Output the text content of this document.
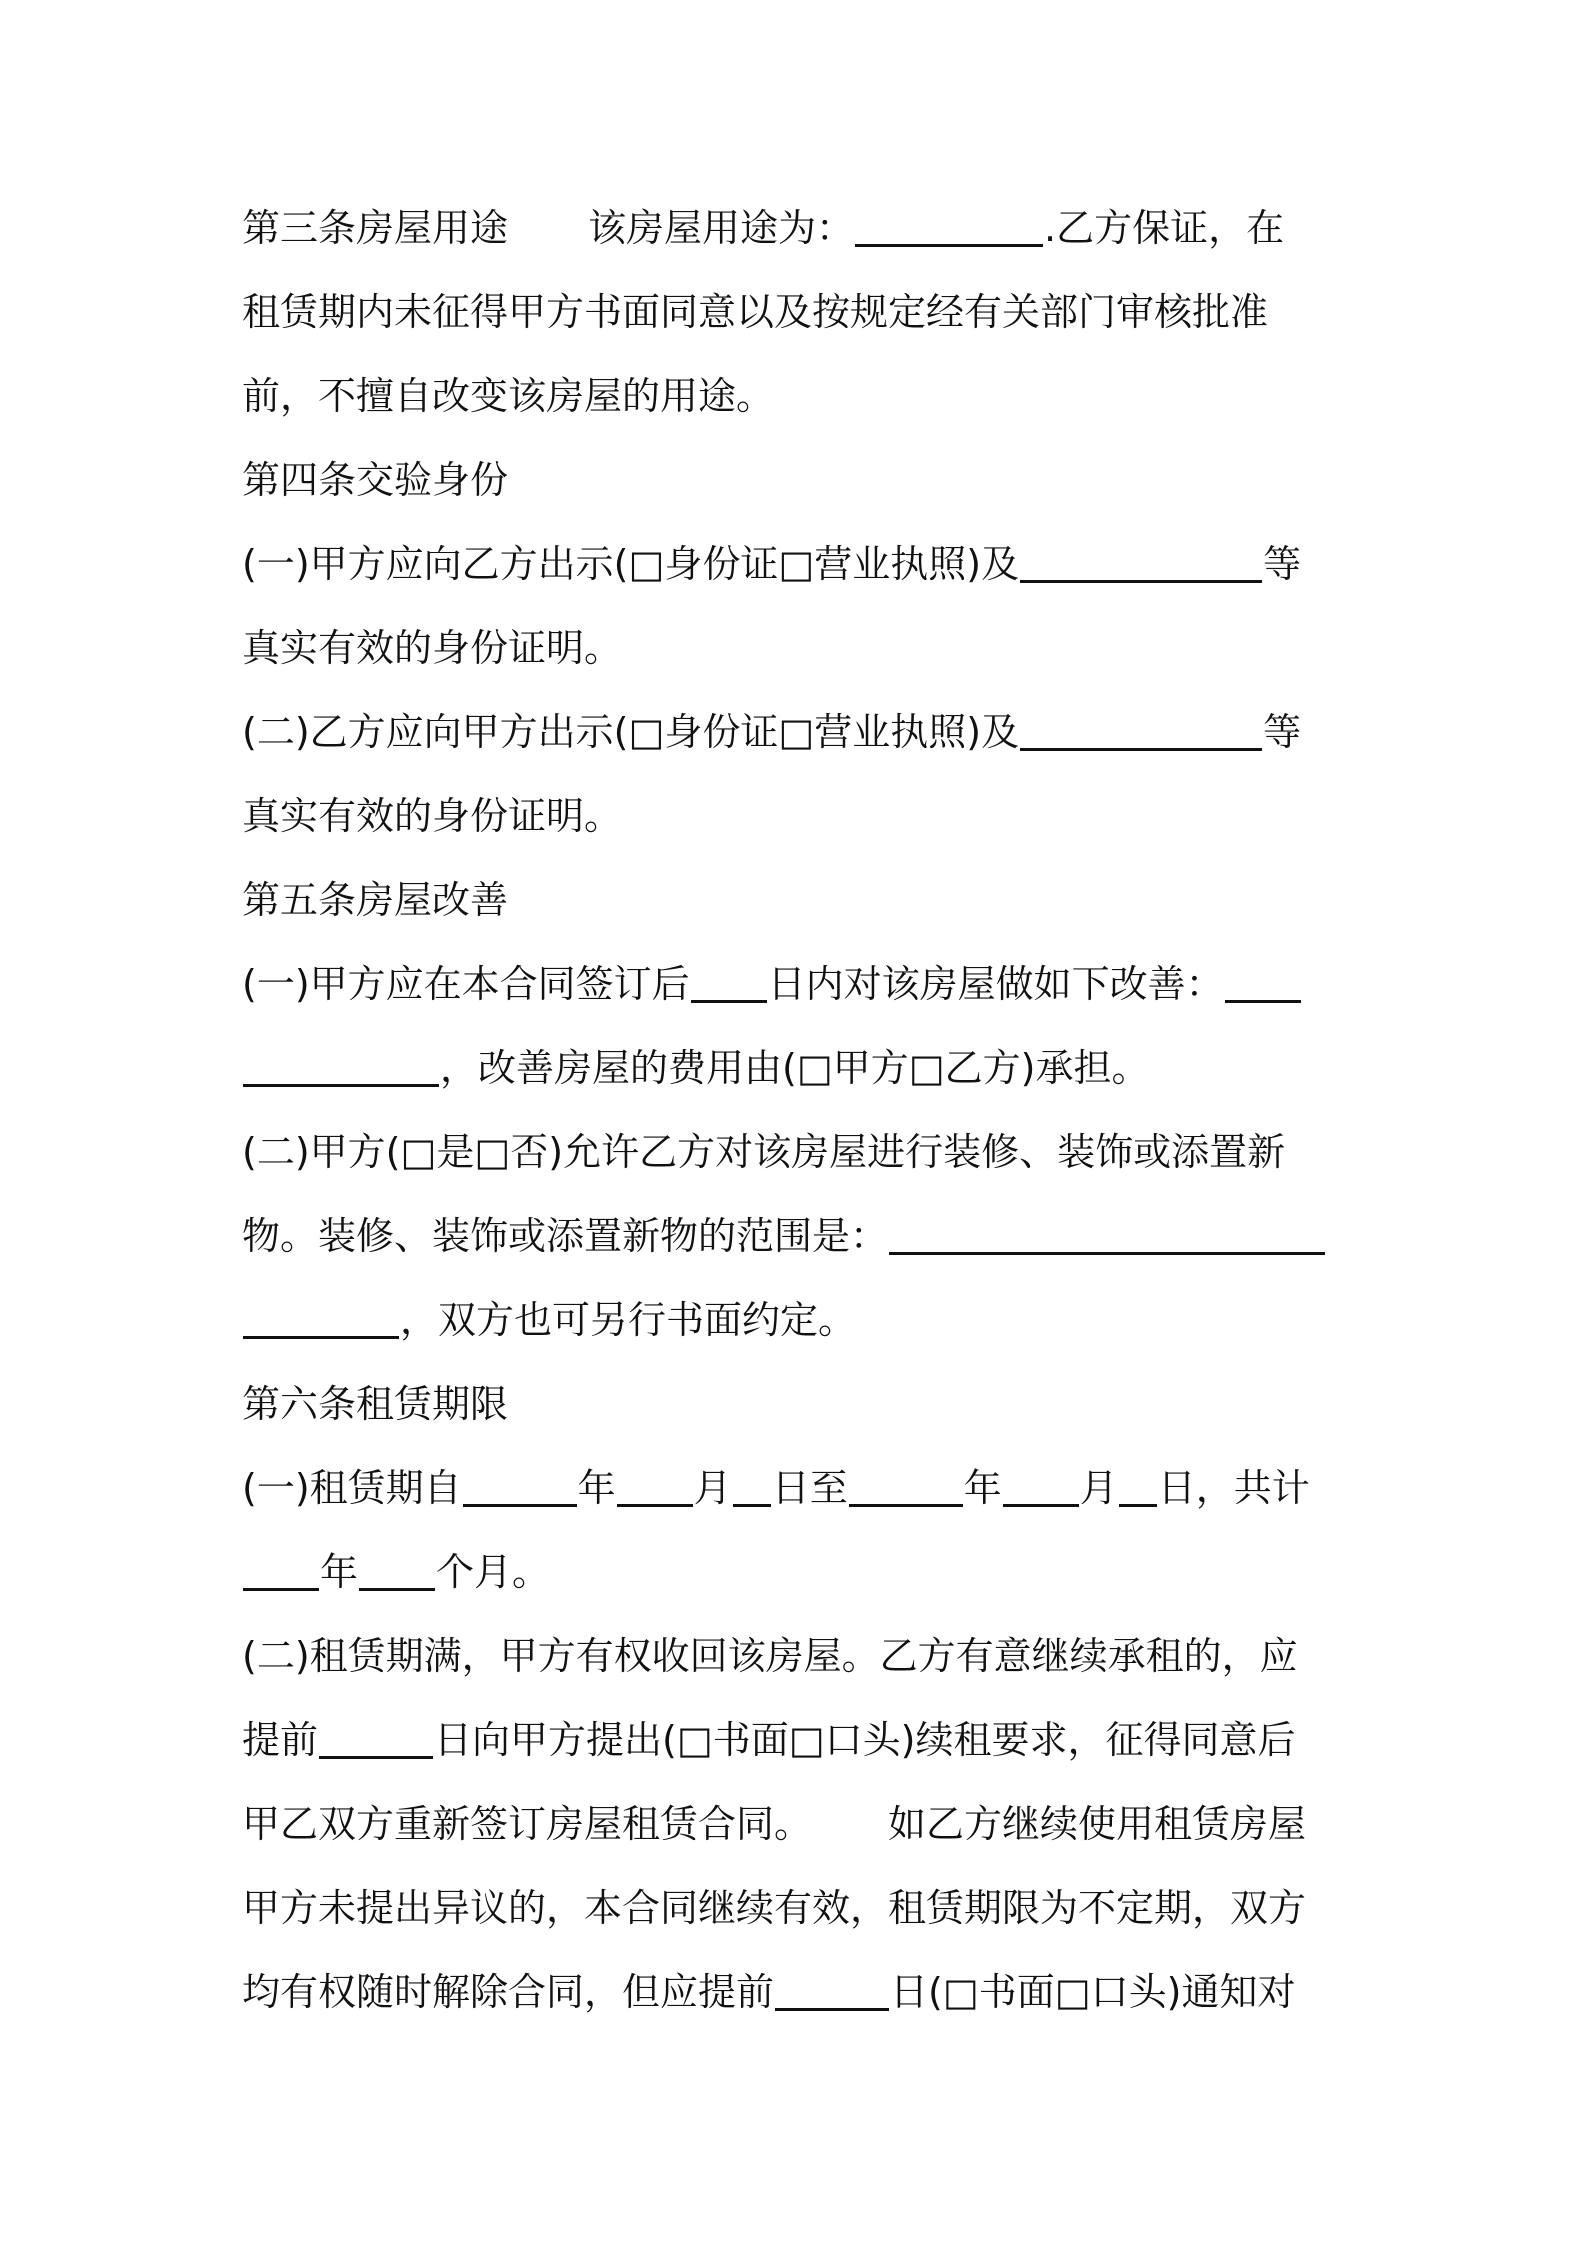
第三条房屋用途 该房屋用途为：	.乙方保证，在
租赁期内未征得甲方书面同意以及按规定经有关部门审核批准
前，不擅自改变该房屋的用途。
第四条交验身份
(一)甲方应向乙方出示(□身份证□营业执照)及	等
真实有效的身份证明。
(二)乙方应向甲方出示(□身份证□营业执照)及	等
真实有效的身份证明。
第五条房屋改善
(一)甲方应在本合同签订后 日内对该房屋做如下改善：
，改善房屋的费用由(□甲方□乙方)承担。
(二)甲方(□是□否)允许乙方对该房屋进行装修、装饰或添置新
物。装修、装饰或添置新物的范围是：
，双方也可另行书面约定。
第六条租赁期限
(一)租赁期自	年 月 日至	年 月 日，共计
年 个月。
(二)租赁期满，甲方有权收回该房屋。乙方有意继续承租的，应
提前	日向甲方提出(□书面□口头)续租要求，征得同意后
甲乙双方重新签订房屋租赁合同。 如乙方继续使用租赁房屋
甲方未提出异议的，本合同继续有效，租赁期限为不定期，双方
均有权随时解除合同，但应提前	日(□书面□口头)通知对
